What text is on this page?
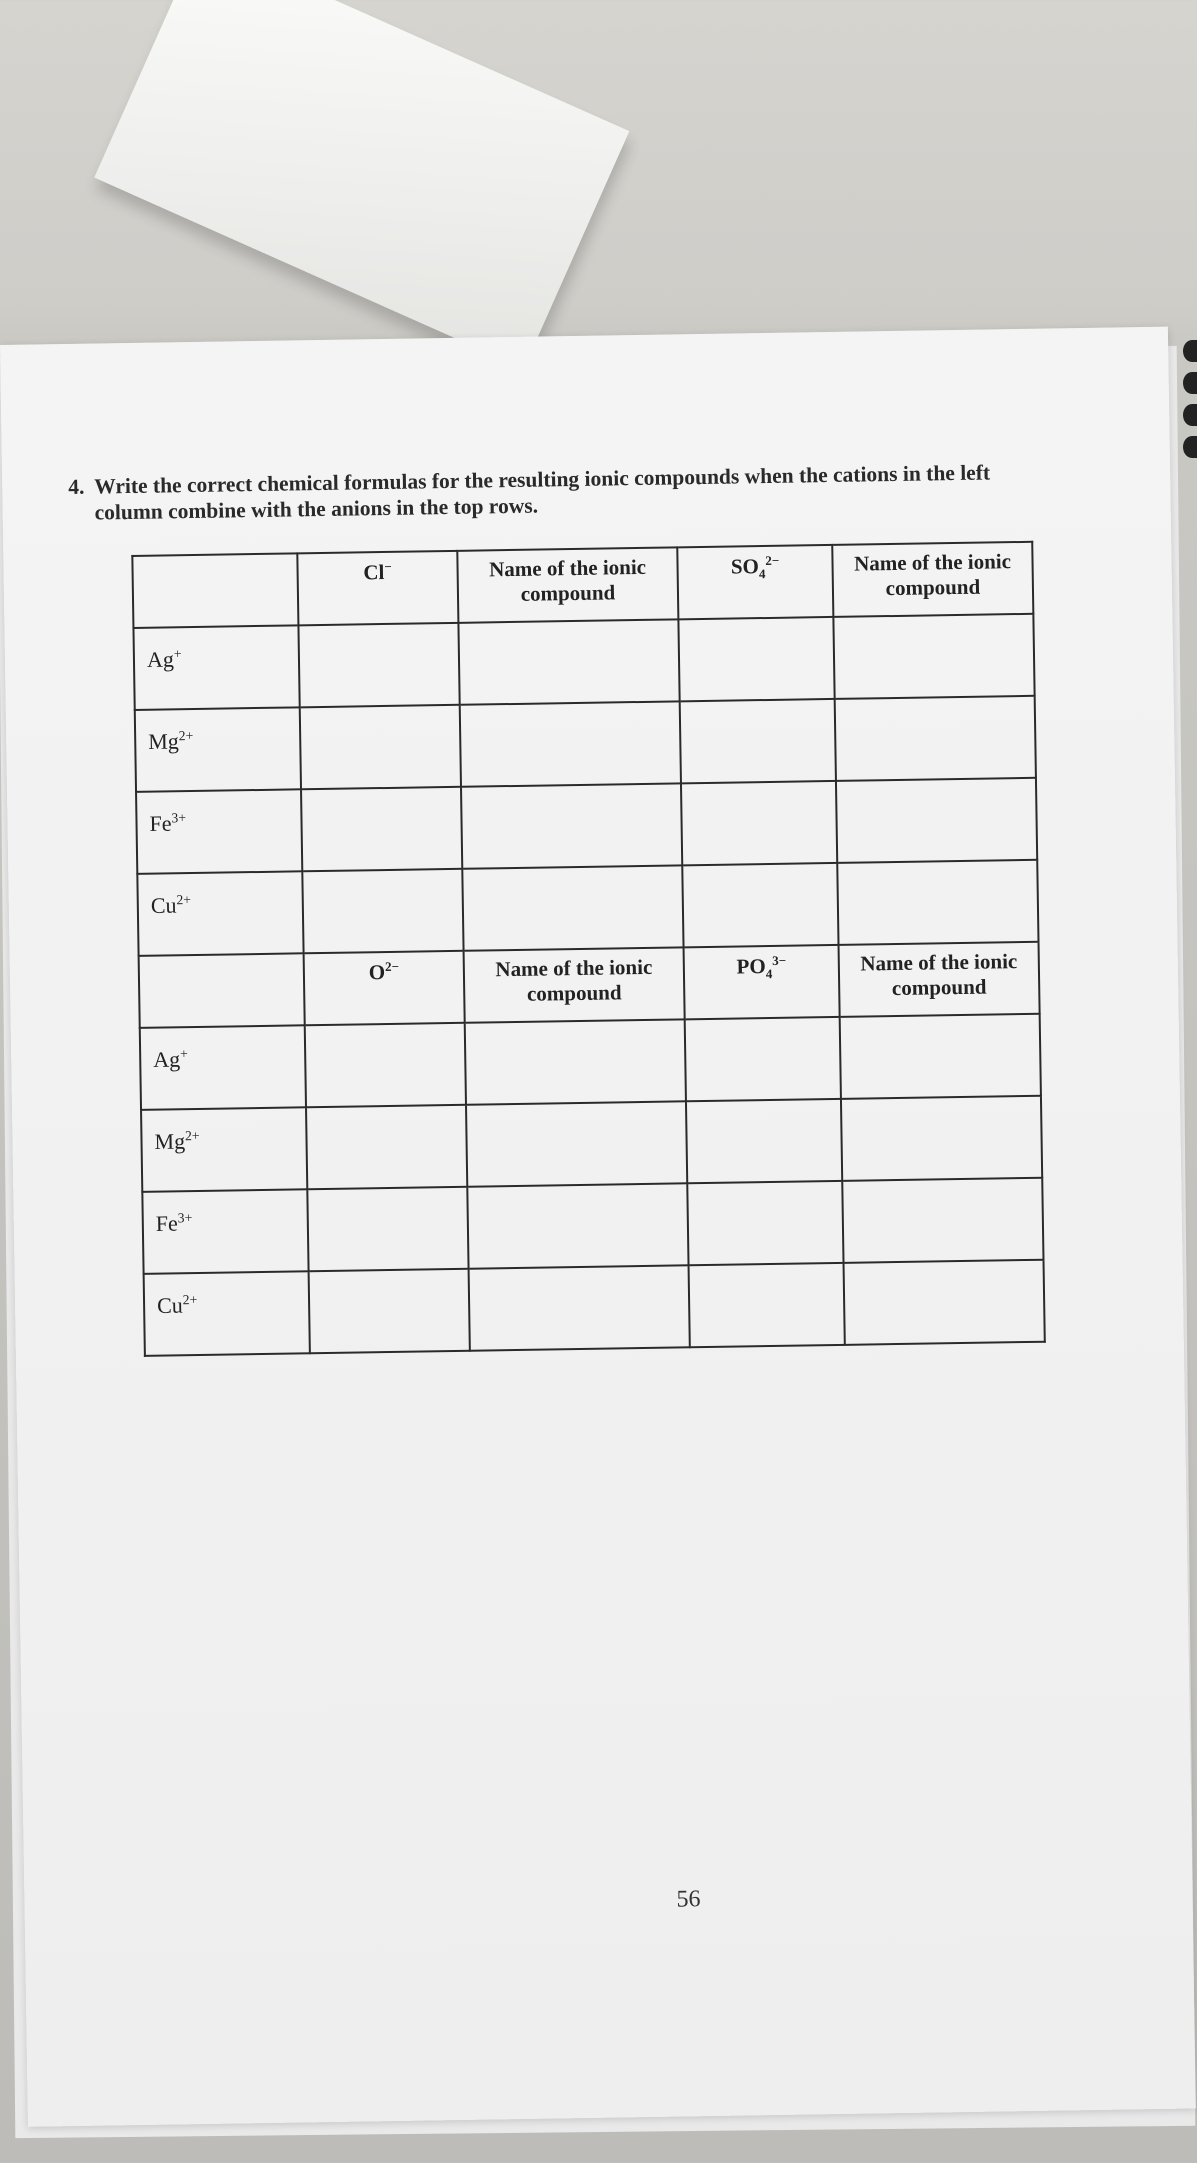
4. Write the correct chemical formulas for the resulting ionic compounds when the cations in the left column combine with the anions in the top rows.
	Cl−	Name of the ionic compound	$SO_4^{2-}$	Name of the ionic compound
Ag+				
$Mg^{2+}$				
$Fe^{3+}$				
$Cu^{2+}$				
	$O^{2-}$	Name of the ionic compound	$PO_4^{3-}$	Name of the ionic compound
Ag+				
$Mg^{2+}$				
$Fe^{3+}$				
$Cu^{2+}$				
56
